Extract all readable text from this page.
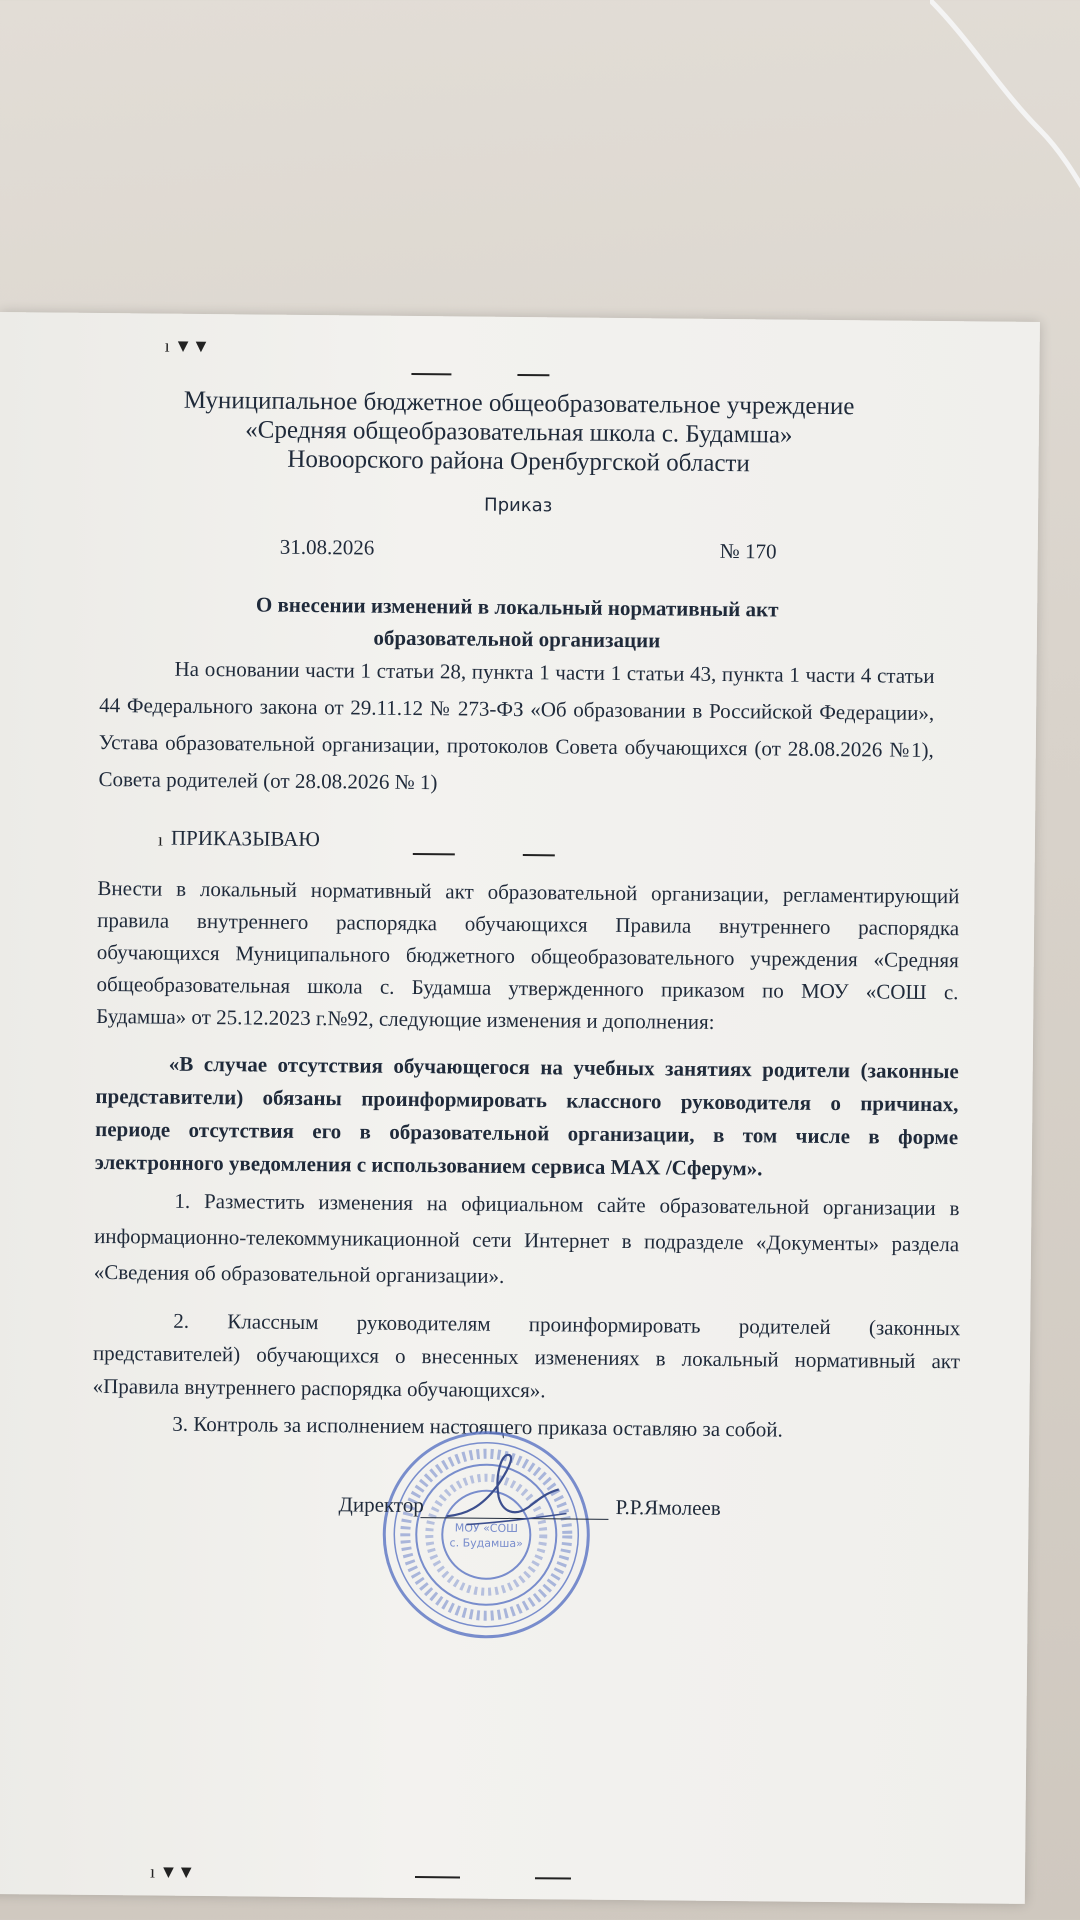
ı ▼▼
Муниципальное бюджетное общеобразовательное учреждение
«Средняя общеобразовательная школа с. Будамша»
Новоорского района Оренбургской области
Приказ
31.08.2026	№ 170
О внесении изменений в локальный нормативный акт
образовательной организации
На основании части 1 статьи 28, пункта 1 части 1 статьи 43, пункта 1 части 4 статьи
44 Федерального закона от 29.11.12 № 273-ФЗ «Об образовании в Российской Федерации»,
Устава образовательной организации, протоколов Совета обучающихся (от 28.08.2026 №1),
Совета родителей (от 28.08.2026 № 1)
ı ПРИКАЗЫВАЮ
Внести в локальный нормативный акт образовательной организации, регламентирующий
правила внутреннего распорядка обучающихся Правила внутреннего распорядка
обучающихся Муниципального бюджетного общеобразовательного учреждения «Средняя
общеобразовательная школа с. Будамша утвержденного приказом по МОУ «СОШ с.
Будамша» от 25.12.2023 г.№92, следующие изменения и дополнения:
«В случае отсутствия обучающегося на учебных занятиях родители (законные
представители) обязаны проинформировать классного руководителя о причинах,
периоде отсутствия его в образовательной организации, в том числе в форме
электронного уведомления с использованием сервиса MAX /Сферум».
1. Разместить изменения на официальном сайте образовательной организации в
информационно-телекоммуникационной сети Интернет в подразделе «Документы» раздела
«Сведения об образовательной организации».
2. Классным руководителям проинформировать родителей (законных
представителей) обучающихся о внесенных изменениях в локальный нормативный акт
«Правила внутреннего распорядка обучающихся».
3. Контроль за исполнением настоящего приказа оставляю за собой.
МОУ «СОШ
с. Будамша»
Директор	Р.Р.Ямолеев
ı ▼▼
